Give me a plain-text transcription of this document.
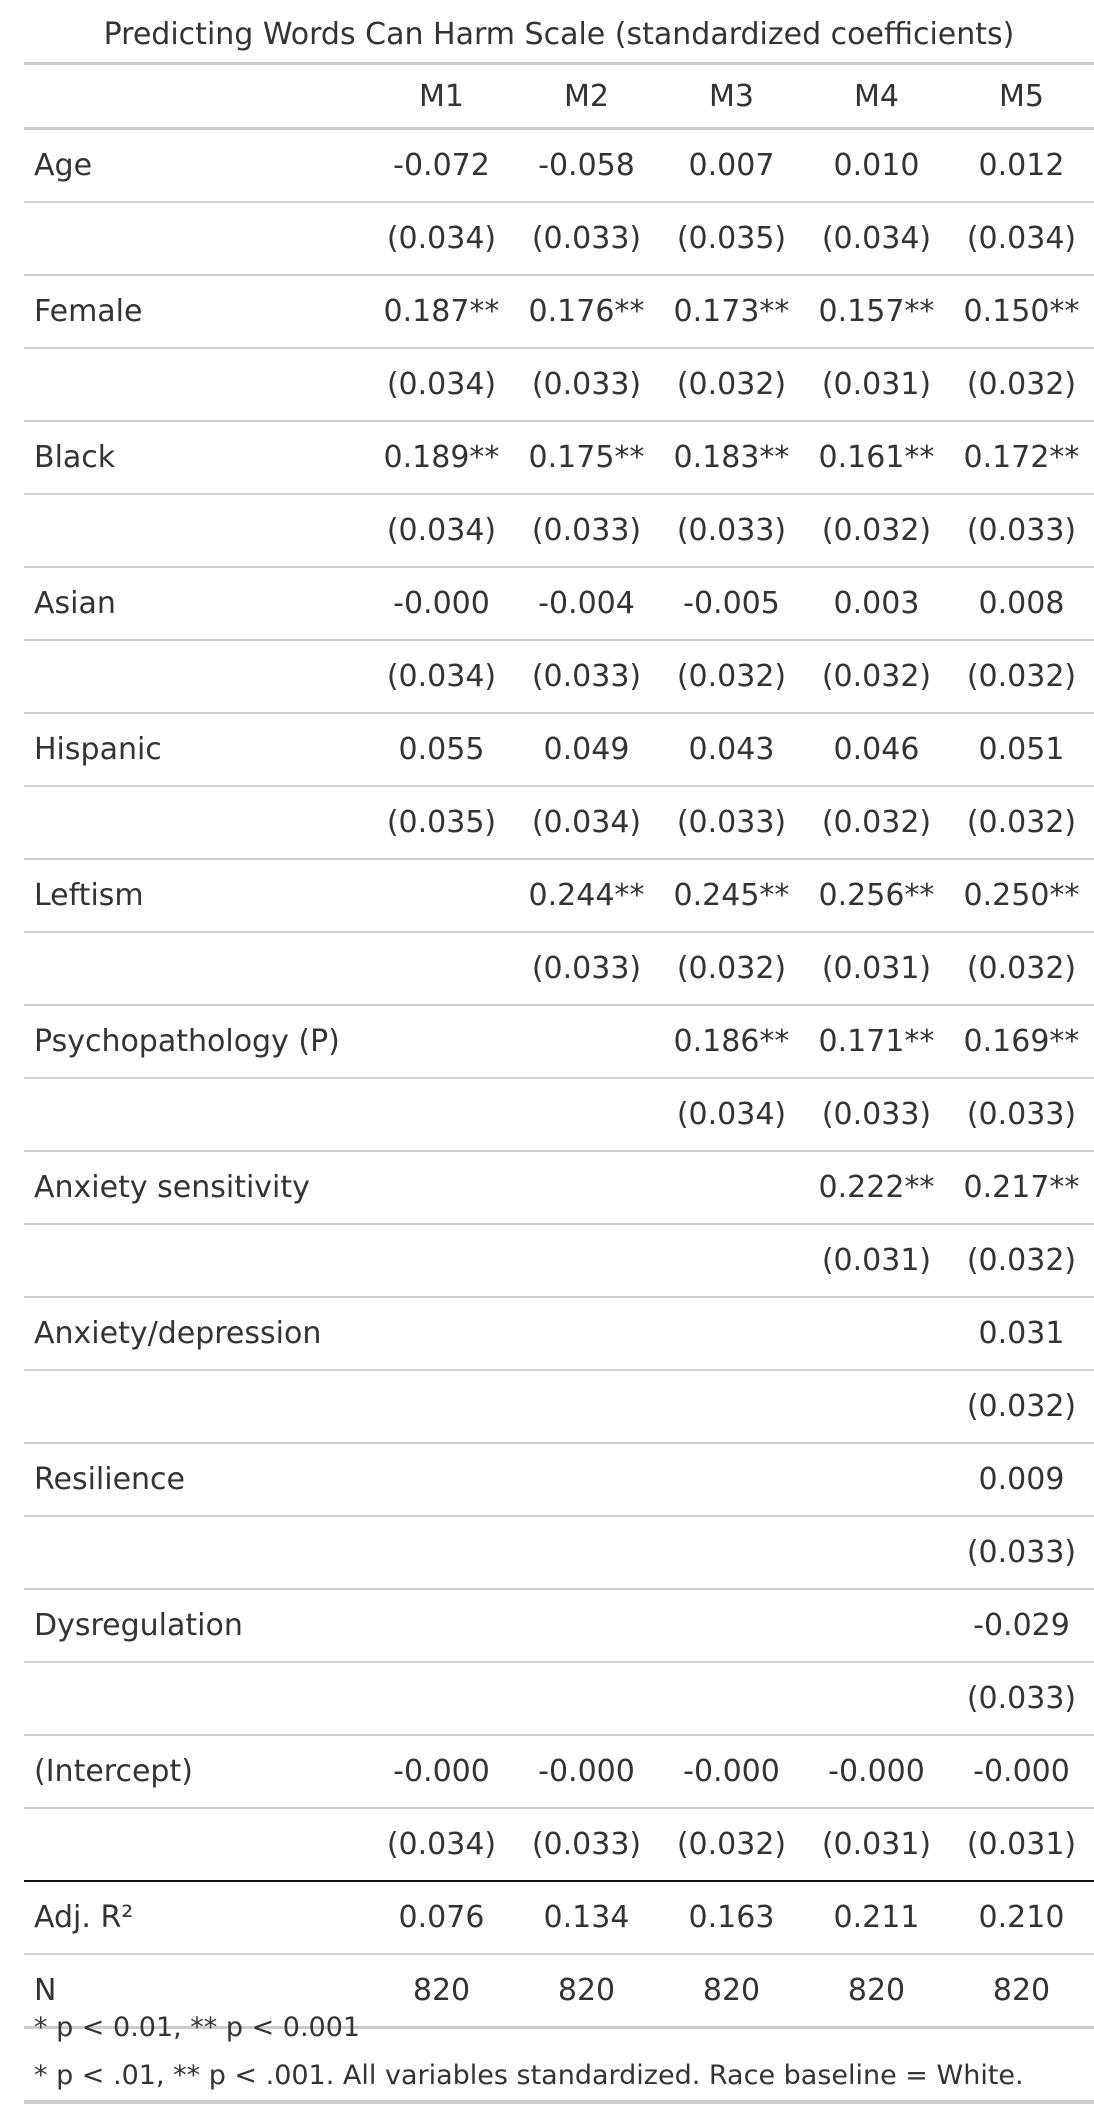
Predicting Words Can Harm Scale (standardized coefficients)
	M1	M2	M3	M4	M5
Age	-0.072	-0.058	0.007	0.010	0.012
	(0.034)	(0.033)	(0.035)	(0.034)	(0.034)
Female	0.187**	0.176**	0.173**	0.157**	0.150**
	(0.034)	(0.033)	(0.032)	(0.031)	(0.032)
Black	0.189**	0.175**	0.183**	0.161**	0.172**
	(0.034)	(0.033)	(0.033)	(0.032)	(0.033)
Asian	-0.000	-0.004	-0.005	0.003	0.008
	(0.034)	(0.033)	(0.032)	(0.032)	(0.032)
Hispanic	0.055	0.049	0.043	0.046	0.051
	(0.035)	(0.034)	(0.033)	(0.032)	(0.032)
Leftism		0.244**	0.245**	0.256**	0.250**
		(0.033)	(0.032)	(0.031)	(0.032)
Psychopathology (P)			0.186**	0.171**	0.169**
			(0.034)	(0.033)	(0.033)
Anxiety sensitivity				0.222**	0.217**
				(0.031)	(0.032)
Anxiety/depression					0.031
					(0.032)
Resilience					0.009
					(0.033)
Dysregulation					-0.029
					(0.033)
(Intercept)	-0.000	-0.000	-0.000	-0.000	-0.000
	(0.034)	(0.033)	(0.032)	(0.031)	(0.031)
Adj. R²	0.076	0.134	0.163	0.211	0.210
N	820	820	820	820	820
* p < 0.01, ** p < 0.001
* p < .01, ** p < .001. All variables standardized. Race baseline = White.
